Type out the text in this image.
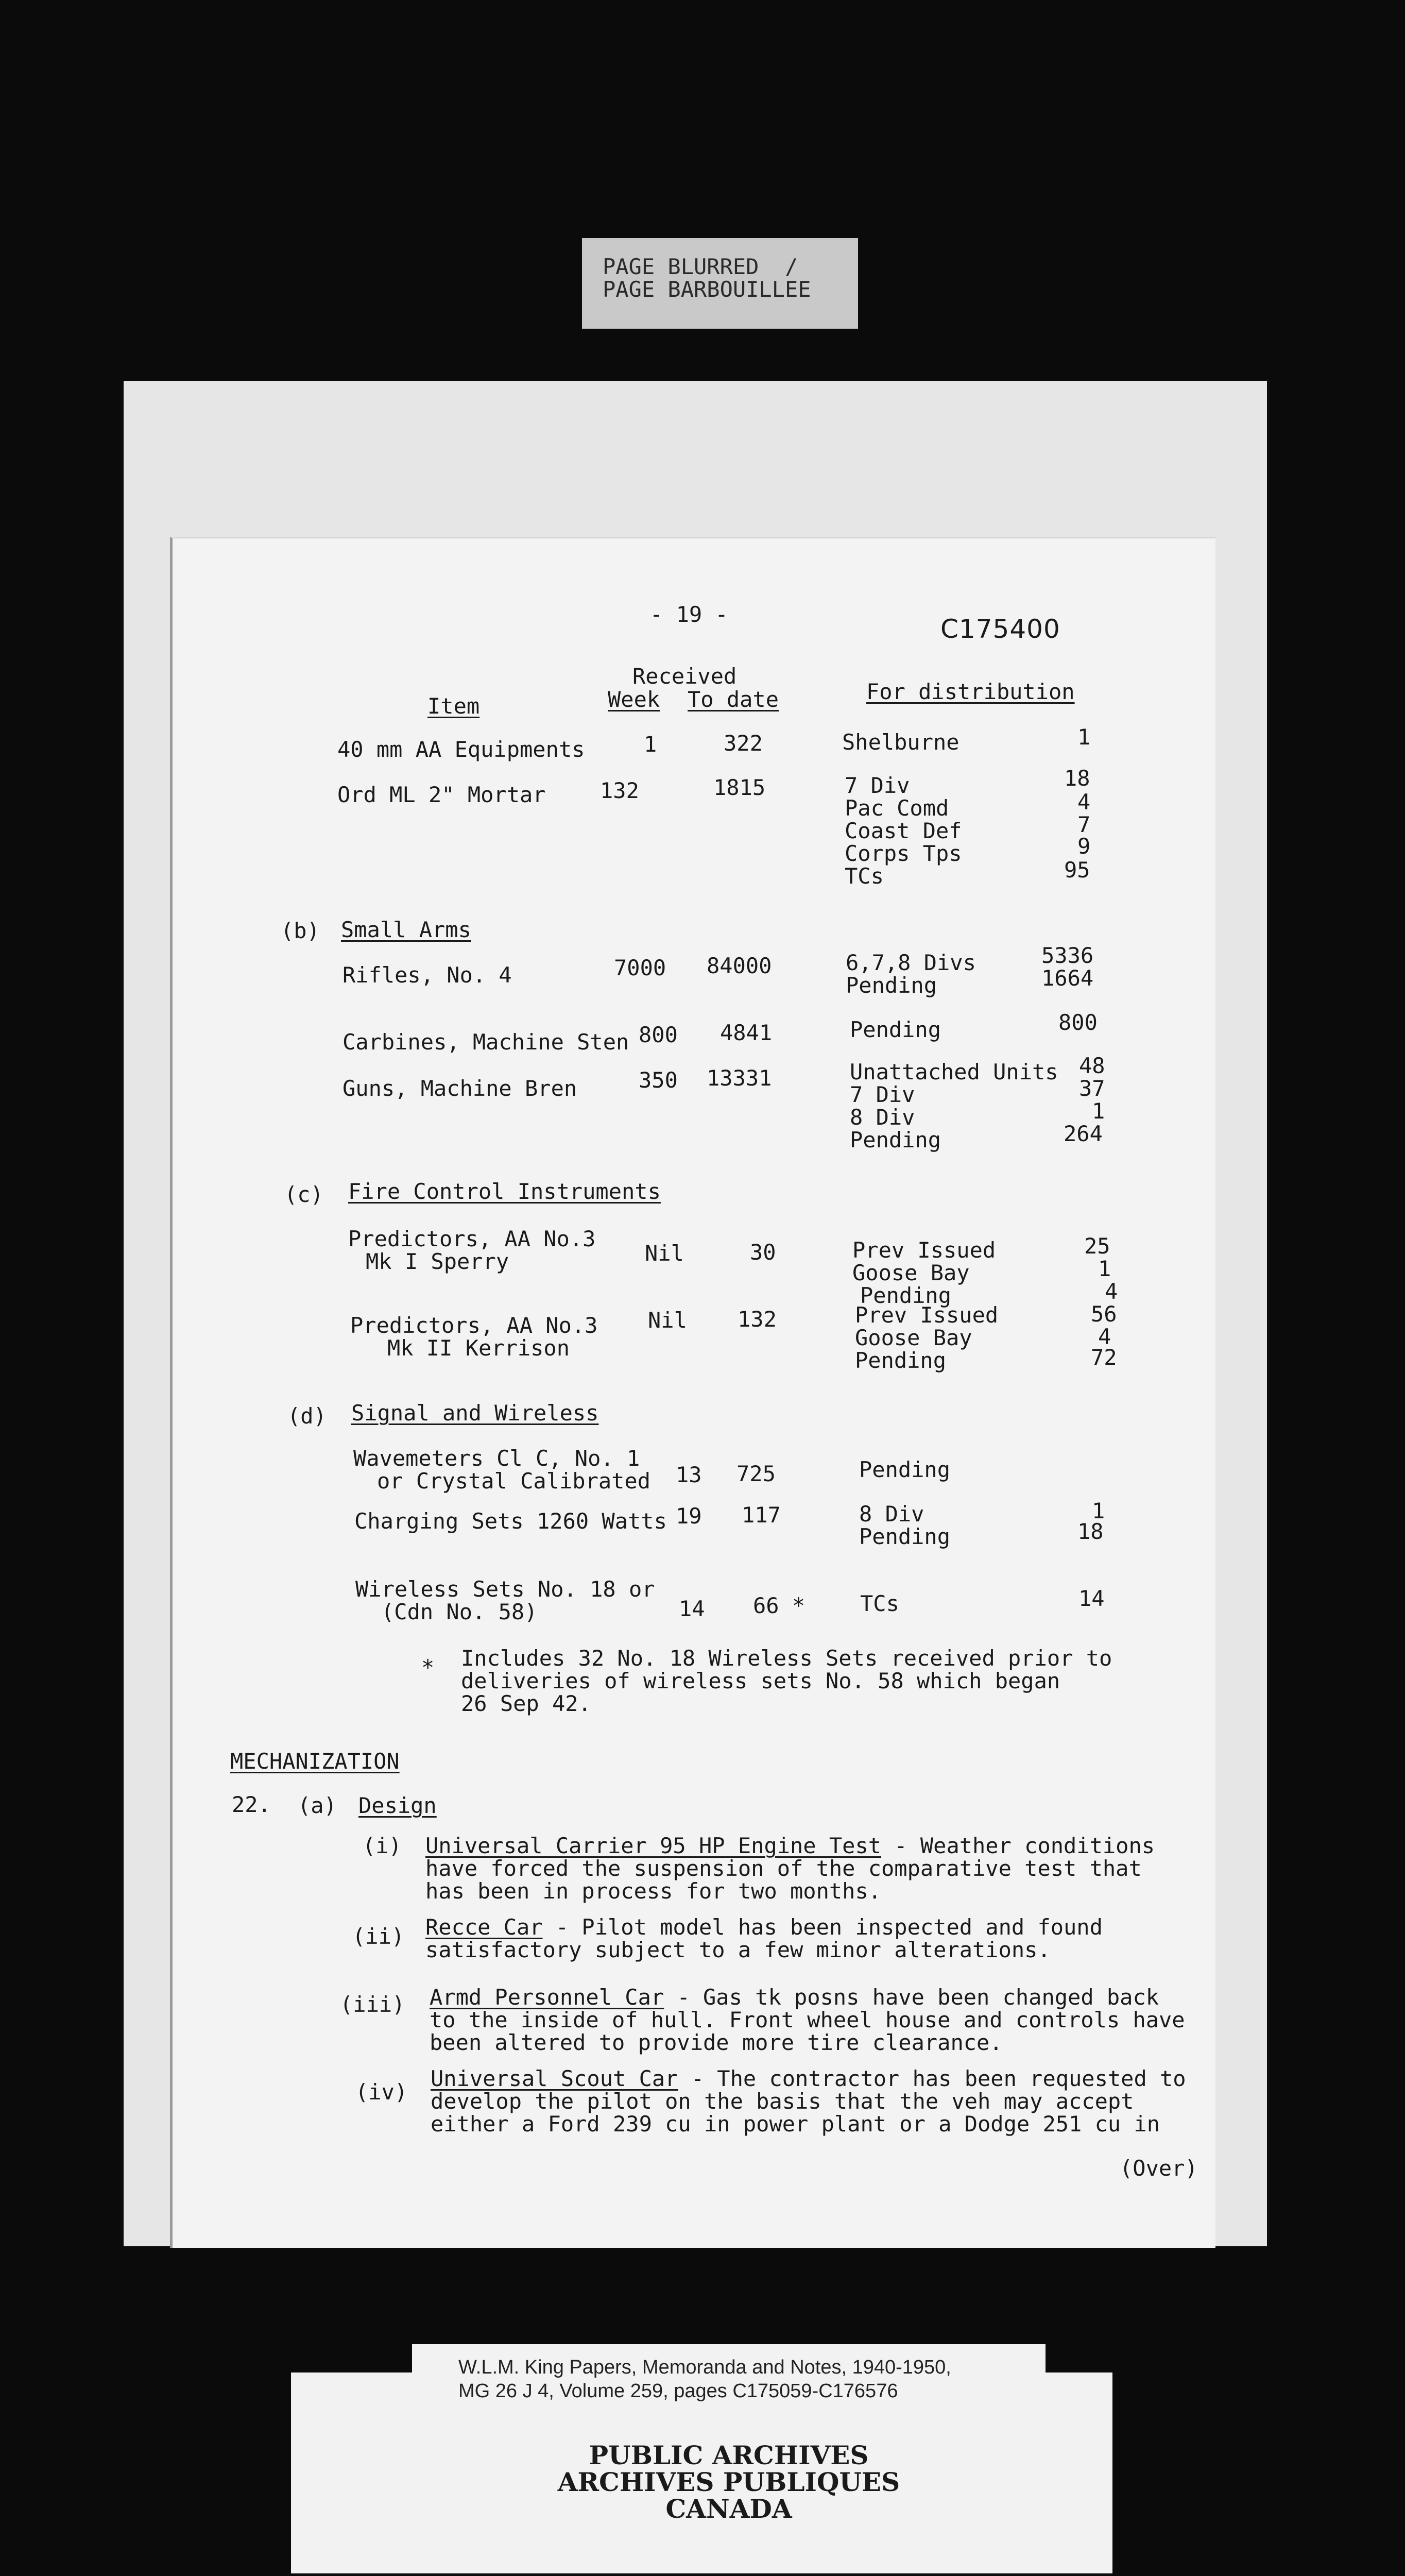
PAGE BLURRED  /
PAGE BARBOUILLEE
- 19 -	C175400
Received
Item	Week To date	For distribution
40 mm AA Equipments	1	322	Shelburne	1
Ord ML 2" Mortar	132	1815	7 Div	18
Pac Comd	4
Coast Def	7
Corps Tps	9
TCs	95
(b) Small Arms
Rifles, No. 4	7000 84000	6,7,8 Divs	5336
Pending	1664
Carbines, Machine Sten 800 4841	Pending	800
Guns, Machine Bren	350 13331	Unattached Units 48
7 Div	37
8 Div	1
Pending	264
(c) Fire Control Instruments
Predictors, AA No.3
Mk I Sperry	Nil	30	Prev Issued	25
Goose Bay	1
Pending	4
Predictors, AA No.3
Mk II Kerrison
Nil 132	Prev Issued	56
Goose Bay	4
Pending	72
(d) Signal and Wireless
Wavemeters Cl C, No. 1
or Crystal Calibrated 13 725	Pending
Charging Sets 1260 Watts 19 117	8 Div	1
Pending	18
Wireless Sets No. 18 or
(Cdn No. 58)	14 66 *	TCs	14
* Includes 32 No. 18 Wireless Sets received prior to
deliveries of wireless sets No. 58 which began
26 Sep 42.
MECHANIZATION
22. (a) Design
(i) Universal Carrier 95 HP Engine Test - Weather conditions
have forced the suspension of the comparative test that
has been in process for two months.
(ii) Recce Car - Pilot model has been inspected and found
satisfactory subject to a few minor alterations.
(iii) Armd Personnel Car - Gas tk posns have been changed back
to the inside of hull. Front wheel house and controls have
been altered to provide more tire clearance.
(iv)
Universal Scout Car - The contractor has been requested to
develop the pilot on the basis that the veh may accept
either a Ford 239 cu in power plant or a Dodge 251 cu in
(Over)
W.L.M. King Papers, Memoranda and Notes, 1940-1950,
MG 26 J 4, Volume 259, pages C175059-C176576
PUBLIC ARCHIVES
ARCHIVES PUBLIQUES
CANADA
